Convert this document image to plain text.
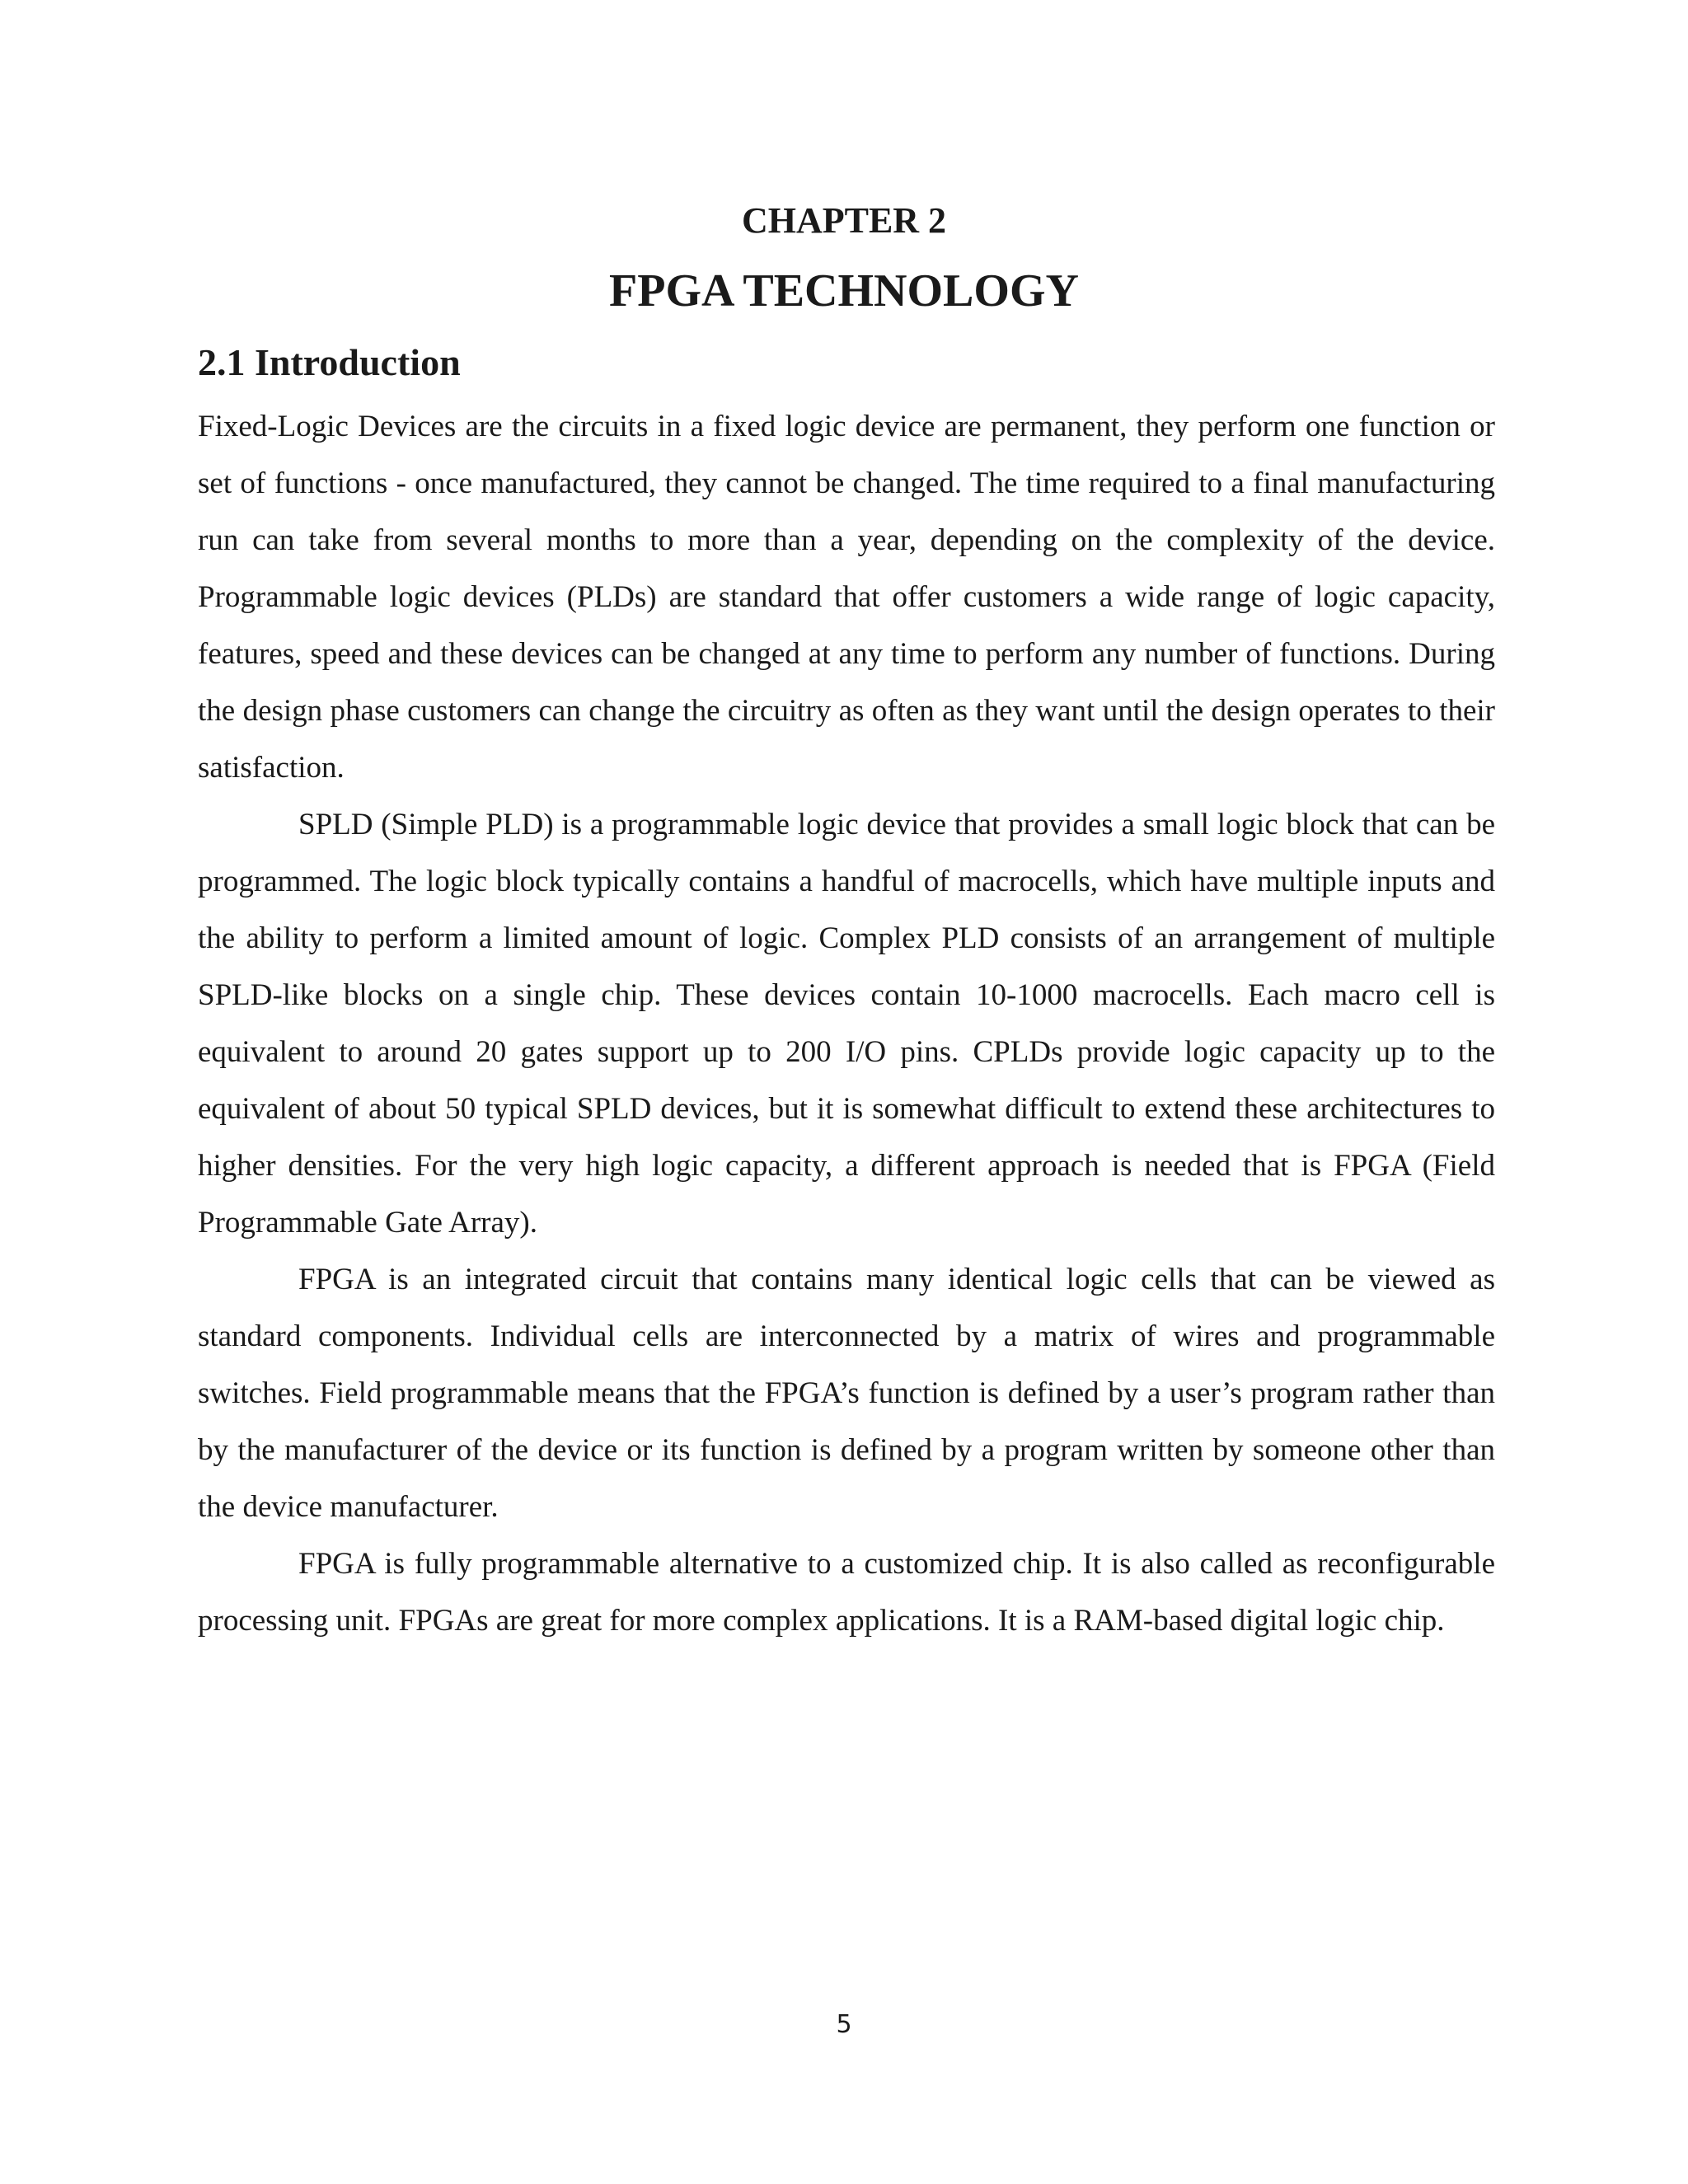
CHAPTER 2
FPGA TECHNOLOGY
2.1 Introduction

Fixed-Logic Devices are the circuits in a fixed logic device are permanent, they perform one function or set of functions - once manufactured, they cannot be changed. The time required to a final manufacturing run can take from several months to more than a year, depending on the complexity of the device. Programmable logic devices (PLDs) are standard that offer customers a wide range of logic capacity, features, speed and these devices can be changed at any time to perform any number of functions. During the design phase customers can change the circuitry as often as they want until the design operates to their satisfaction.

SPLD (Simple PLD) is a programmable logic device that provides a small logic block that can be programmed. The logic block typically contains a handful of macrocells, which have multiple inputs and the ability to perform a limited amount of logic. Complex PLD consists of an arrangement of multiple SPLD-like blocks on a single chip. These devices contain 10-1000 macrocells. Each macro cell is equivalent to around 20 gates support up to 200 I/O pins. CPLDs provide logic capacity up to the equivalent of about 50 typical SPLD devices, but it is somewhat difficult to extend these architectures to higher densities. For the very high logic capacity, a different approach is needed that is FPGA (Field Programmable Gate Array).

FPGA is an integrated circuit that contains many identical logic cells that can be viewed as standard components. Individual cells are interconnected by a matrix of wires and programmable switches. Field programmable means that the FPGA’s function is defined by a user’s program rather than by the manufacturer of the device or its function is defined by a program written by someone other than the device manufacturer.

FPGA is fully programmable alternative to a customized chip. It is also called as reconfigurable processing unit. FPGAs are great for more complex applications. It is a RAM-based digital logic chip.

5
